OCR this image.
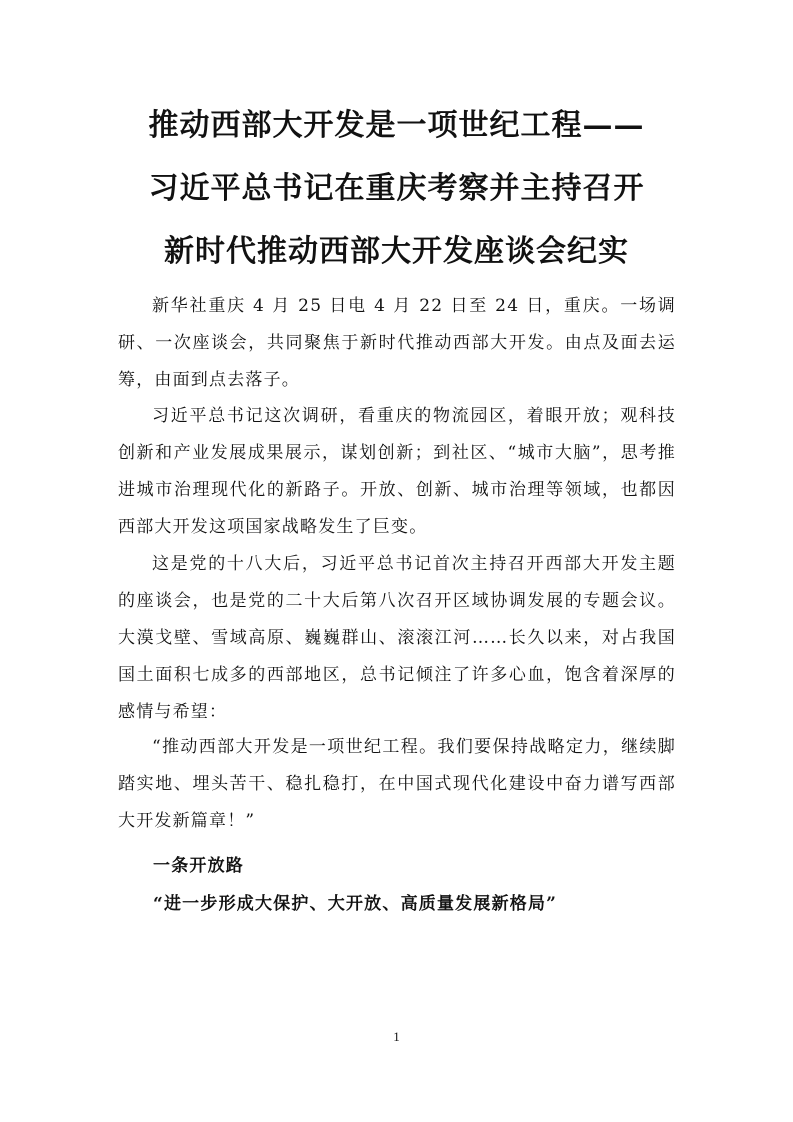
推动西部大开发是一项世纪工程——
习近平总书记在重庆考察并主持召开
新时代推动西部大开发座谈会纪实

新华社重庆 4 月 25 日电 4 月 22 日至 24 日，重庆。一场调研、一次座谈会，共同聚焦于新时代推动西部大开发。由点及面去运筹，由面到点去落子。

习近平总书记这次调研，看重庆的物流园区，着眼开放；观科技创新和产业发展成果展示，谋划创新；到社区、“城市大脑”，思考推进城市治理现代化的新路子。开放、创新、城市治理等领域，也都因西部大开发这项国家战略发生了巨变。

这是党的十八大后，习近平总书记首次主持召开西部大开发主题的座谈会，也是党的二十大后第八次召开区域协调发展的专题会议。大漠戈壁、雪域高原、巍巍群山、滚滚江河……长久以来，对占我国国土面积七成多的西部地区，总书记倾注了许多心血，饱含着深厚的感情与希望：

“推动西部大开发是一项世纪工程。我们要保持战略定力，继续脚踏实地、埋头苦干、稳扎稳打，在中国式现代化建设中奋力谱写西部大开发新篇章！”

一条开放路
“进一步形成大保护、大开放、高质量发展新格局”
1
